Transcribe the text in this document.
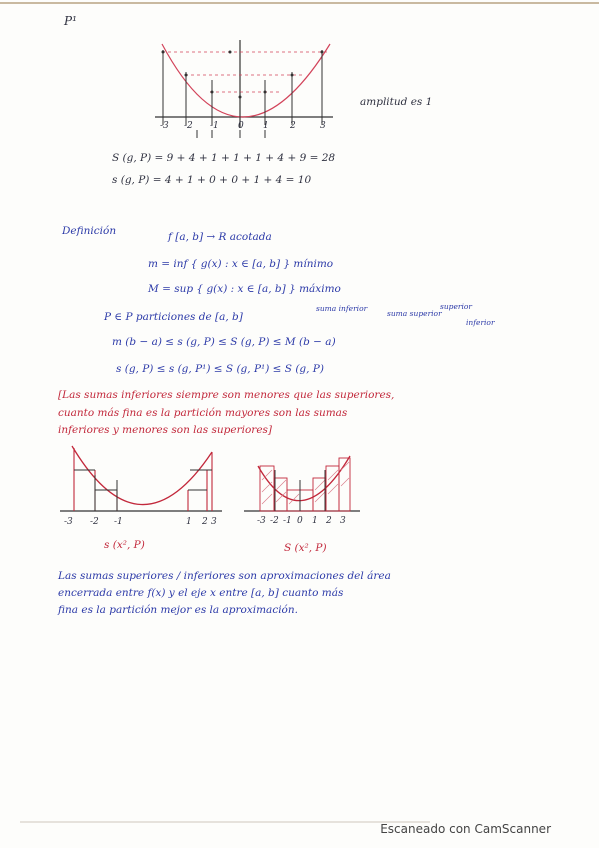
P¹
-3 -2 -1 0 1 2	3
amplitud es 1
S (g, P) = 9 + 4 + 1 + 1 + 1 + 4 + 9 = 28
s (g, P) = 4 + 1 + 0 + 0 + 1 + 4 = 10
Definición	f [a, b] → R acotada
m = inf { g(x) : x ∈ [a, b] } mínimo
M = sup { g(x) : x ∈ [a, b] } máximo
suma inferior
suma superior
superior
inferior
P ∈ P particiones de [a, b]
m (b − a) ≤ s (g, P) ≤ S (g, P) ≤ M (b − a)
s (g, P) ≤ s (g, P¹) ≤ S (g, P¹) ≤ S (g, P)
[Las sumas inferiores siempre son menores que las superiores,
cuanto más fina es la partición mayores son las sumas
inferiores y menores son las superiores]
-3 -2 -1	1 2 3	-3 -2 -1 0 1 2 3
s (x², P)	S (x², P)
Las sumas superiores / inferiores son aproximaciones del área
encerrada entre f(x) y el eje x entre [a, b] cuanto más
fina es la partición mejor es la aproximación.
Escaneado con CamScanner
